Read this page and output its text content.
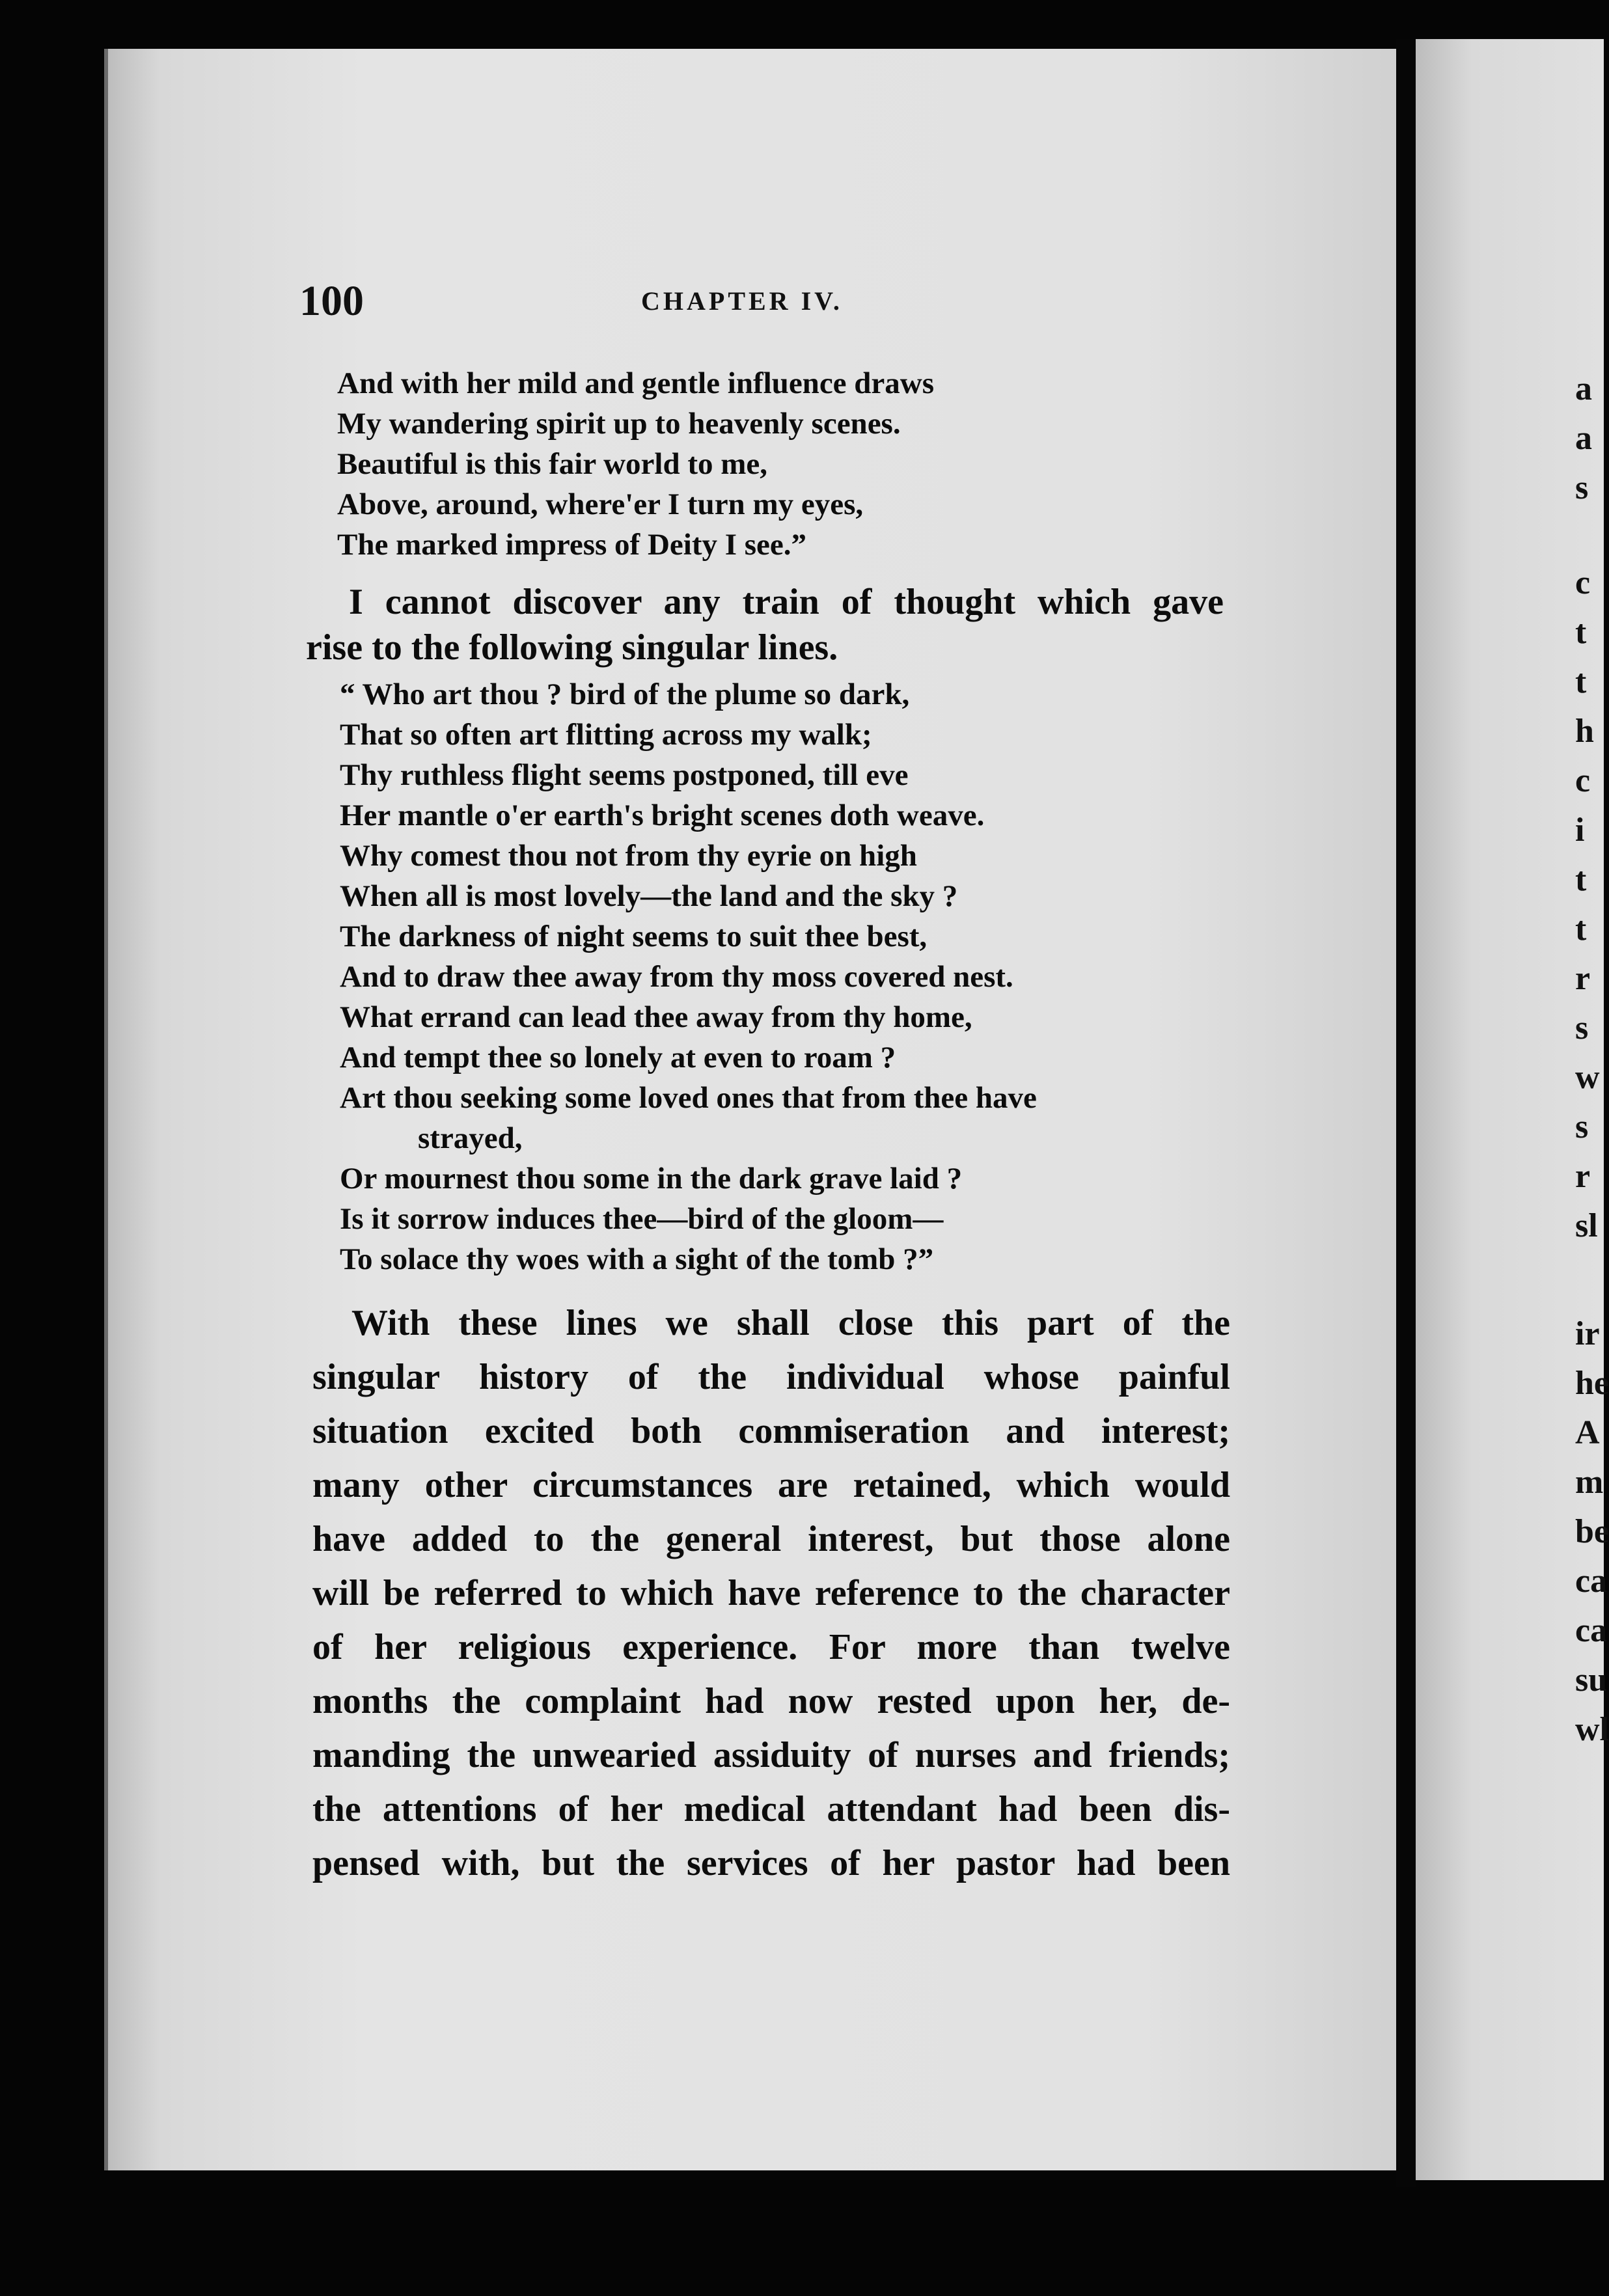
100	CHAPTER IV.
And with her mild and gentle influence draws
My wandering spirit up to heavenly scenes.
Beautiful is this fair world to me,
Above, around, where'er I turn my eyes,
The marked impress of Deity I see.”
I cannot discover any train of thought which gave
rise to the following singular lines.
“ Who art thou ? bird of the plume so dark,
That so often art flitting across my walk;
Thy ruthless flight seems postponed, till eve
Her mantle o'er earth's bright scenes doth weave.
Why comest thou not from thy eyrie on high
When all is most lovely—the land and the sky ?
The darkness of night seems to suit thee best,
And to draw thee away from thy moss covered nest.
What errand can lead thee away from thy home,
And tempt thee so lonely at even to roam ?
Art thou seeking some loved ones that from thee have
strayed,
Or mournest thou some in the dark grave laid ?
Is it sorrow induces thee—bird of the gloom—
To solace thy woes with a sight of the tomb ?”
With these lines we shall close this part of the
singular history of the individual whose painful
situation excited both commiseration and interest;
many other circumstances are retained, which would
have added to the general interest, but those alone
will be referred to which have reference to the character
of her religious experience. For more than twelve
months the complaint had now rested upon her, de-
manding the unwearied assiduity of nurses and friends;
the attentions of her medical attendant had been dis-
pensed with, but the services of her pastor had been
a
a
s
c
t
t
h
c
i
t
t
r
s
w
s
r
sl
ir
he
A
m
be
ca
ca
su
wl
